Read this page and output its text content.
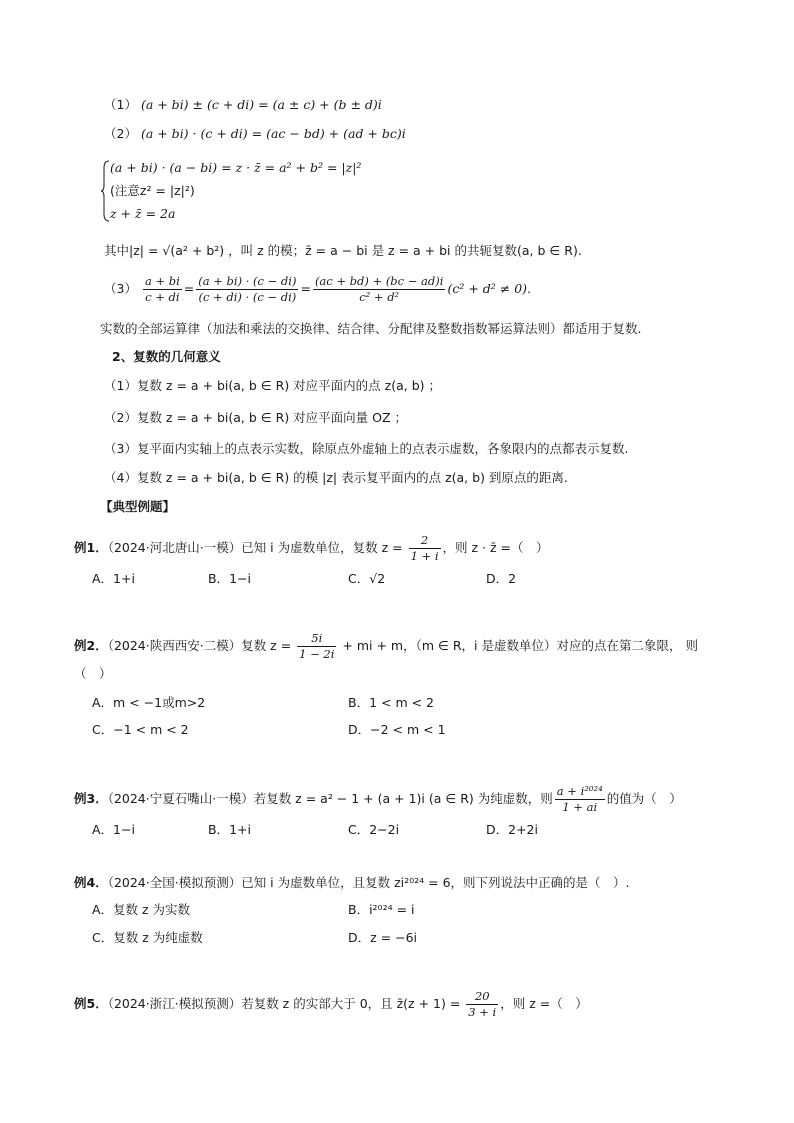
（1） (a + bi) ± (c + di) = (a ± c) + (b ± d)i
（2） (a + bi) · (c + di) = (ac − bd) + (ad + bc)i
(a + bi) · (a − bi) = z · z̄ = a² + b² = |z|²
(注意z² = |z|²)
z + z̄ = 2a
其中|z| = √(a² + b²) ，叫 z 的模；z̄ = a − bi 是 z = a + bi 的共轭复数(a, b ∈ R).
$(3) \frac{a + bi}{c + di} = \frac{(a + bi) \cdot (c - di)}{(c + di) \cdot (c - di)} = \frac{(ac + bd) + (bc - ad)i}{\text{c² + d²}} (c^2 + d^2 \ne 0)$.
实数的全部运算律（加法和乘法的交换律、结合律、分配律及整数指数幂运算法则）都适用于复数.
2、复数的几何意义
（1）复数 z = a + bi(a, b ∈ R) 对应平面内的点 z(a, b) ；
（2）复数 z = a + bi(a, b ∈ R) 对应平面向量 OZ ；
（3）复平面内实轴上的点表示实数，除原点外虚轴上的点表示虚数，各象限内的点都表示复数.
（4）复数 z = a + bi(a, b ∈ R) 的模 |z| 表示复平面内的点 z(a, b) 到原点的距离.
【典型例题】
例1．（2024·河北唐山·一模）已知 i 为虚数单位，复数 $z = \frac{2}{1 + i}$ ，则 z · z̄ =（　）
A．1+i	B．1−i	C．√2	D．2
例2．（2024·陕西西安·二模）复数 $z = \frac{5i}{1 - 2i}$ + mi + m，（m ∈ R，i 是虚数单位）对应的点在第二象限， 则
（　）
A．m < −1或m>2	B．1 < m < 2
C．−1 < m < 2	D．−2 < m < 1
例3．（2024·宁夏石嘴山·一模）若复数 z = a² − 1 + (a + 1)i (a ∈ R) 为纯虚数，则 $\frac{\text{a + i²⁰²⁴}}{1 + ai}$ 的值为（　）
A．1−i	B．1+i	C．2−2i	D．2+2i
例4．（2024·全国·模拟预测）已知 i 为虚数单位，且复数 zi²⁰²⁴ = 6，则下列说法中正确的是（　）.
A．复数 z 为实数	B．i²⁰²⁴ = i
C．复数 z 为纯虚数	D．z = −6i
例5．（2024·浙江·模拟预测）若复数 z 的实部大于 0，且 z̄(z + $1) = \frac{20}{3 + i}$ ，则 z =（　）
